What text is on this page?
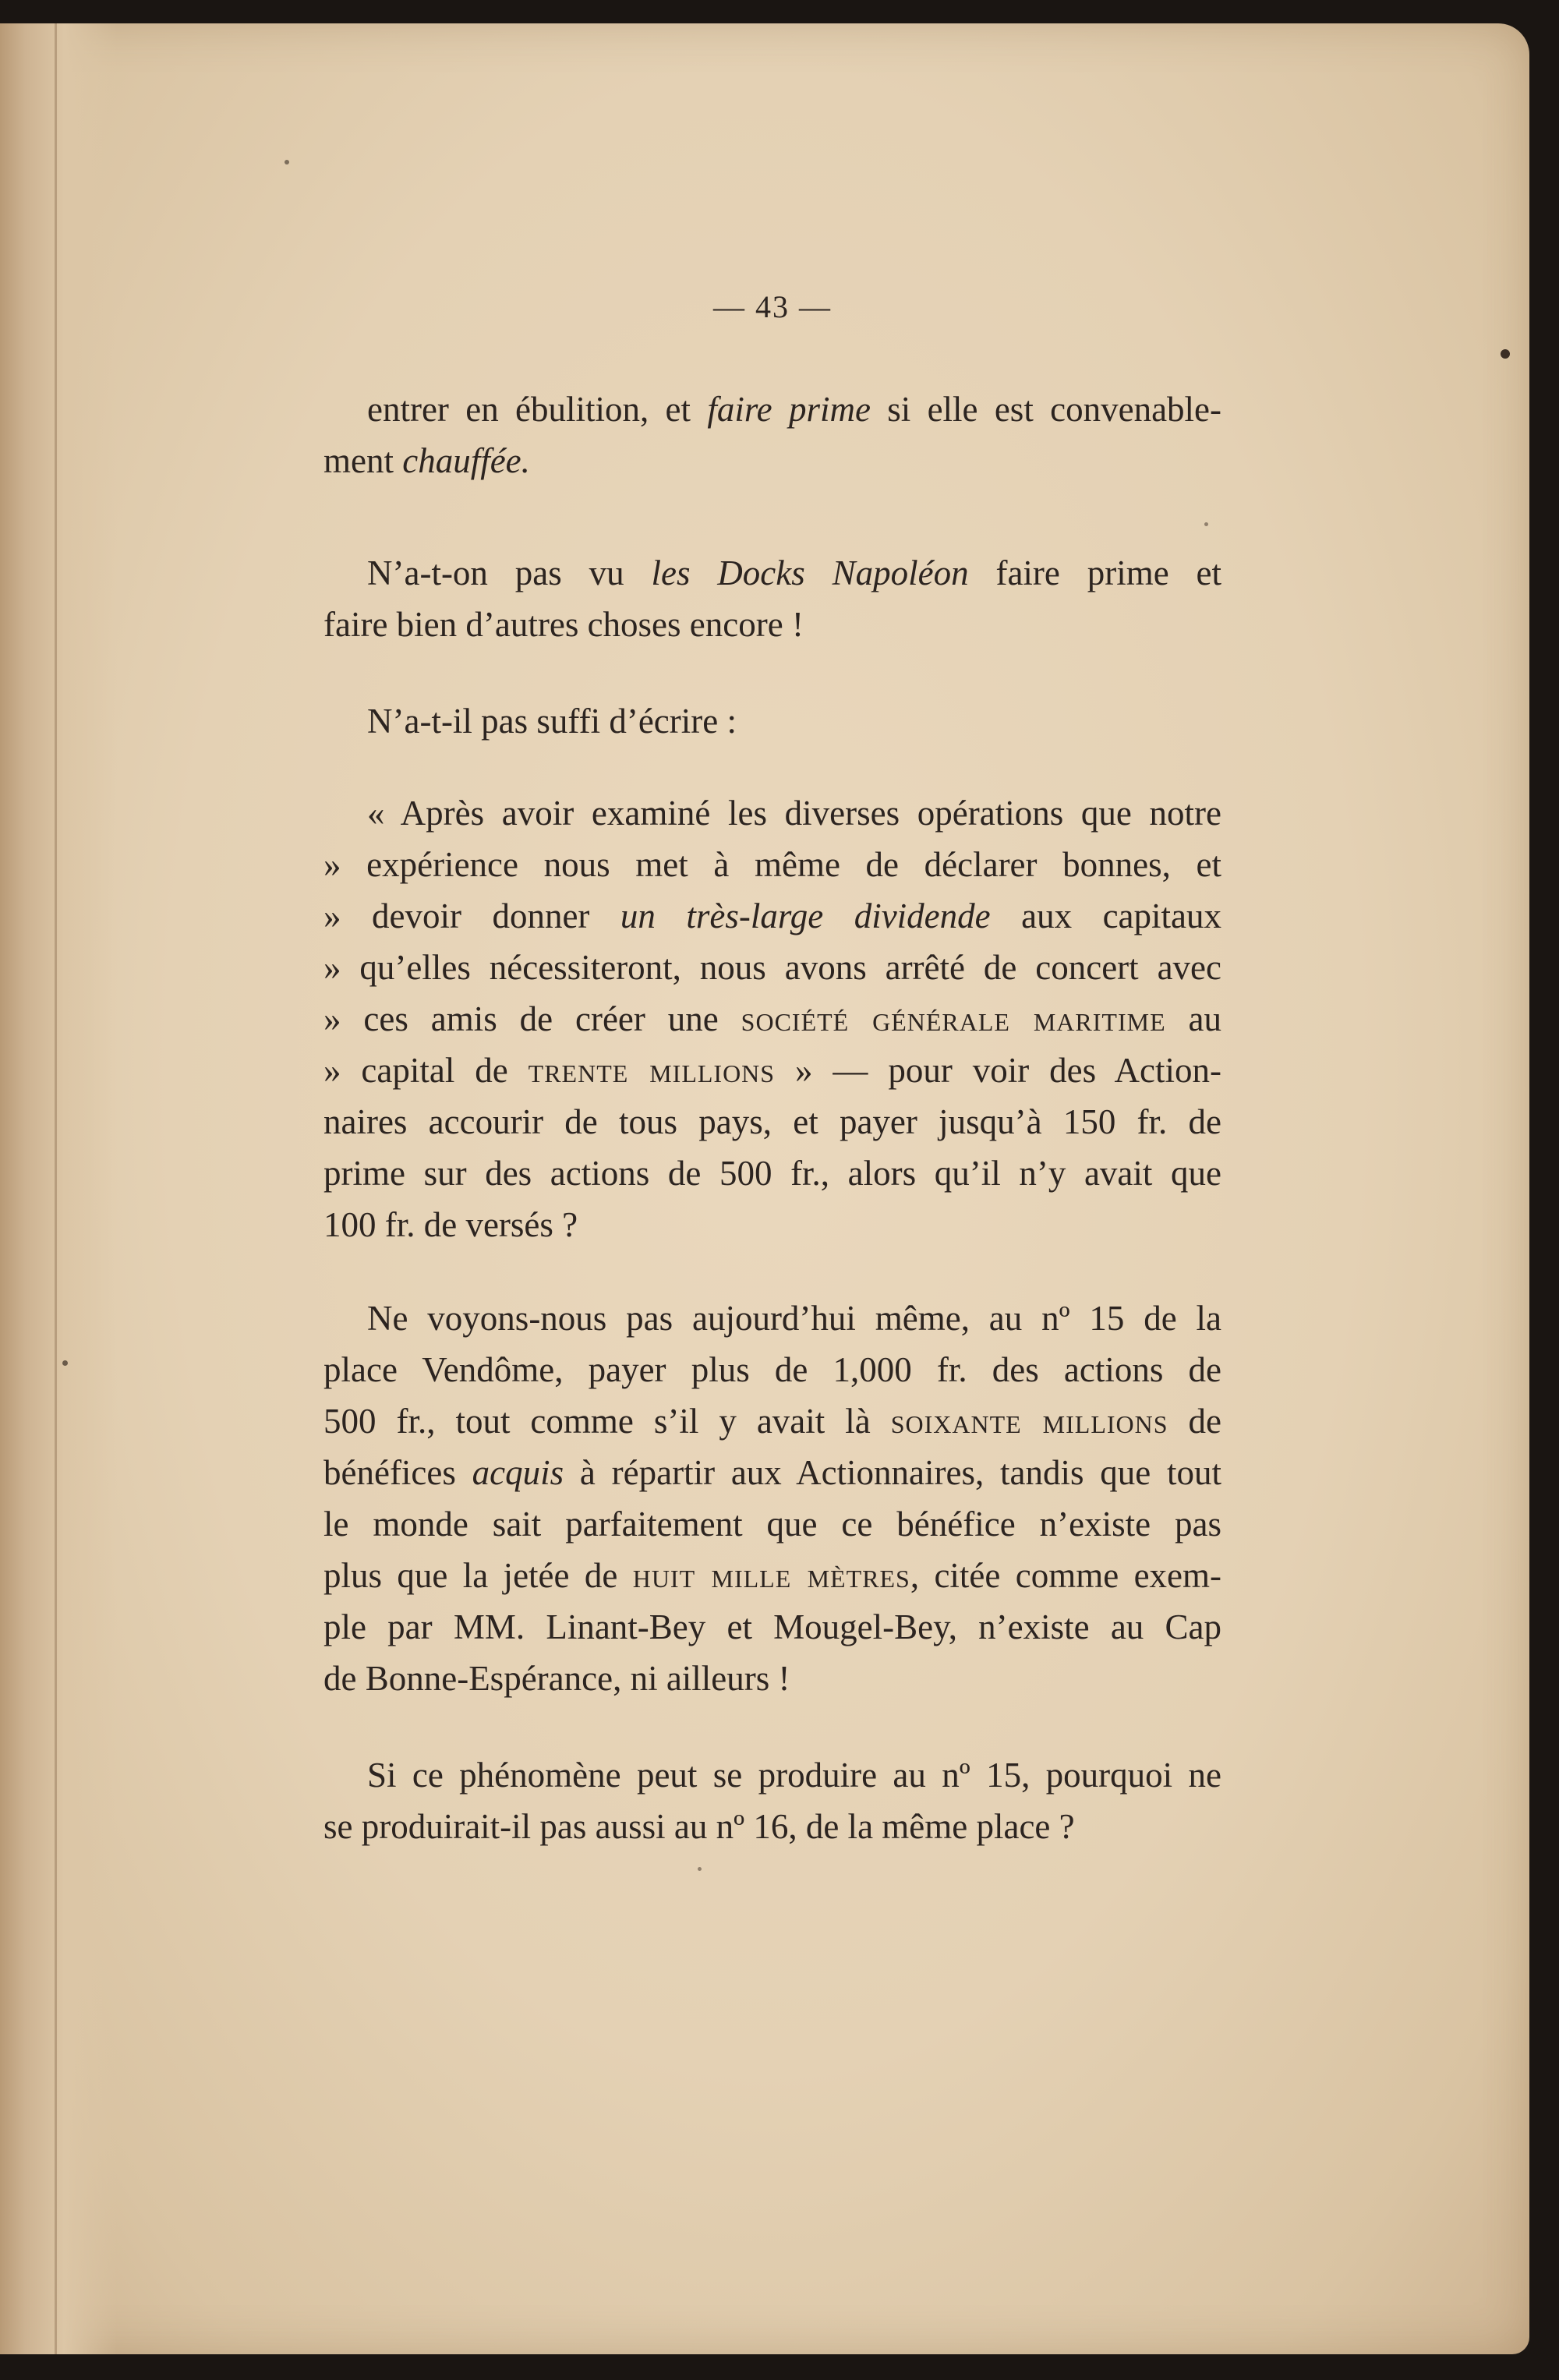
— 43 —
entrer en ébulition, et faire prime si elle est convenable-
ment chauffée.
N’a-t-on pas vu les Docks Napoléon faire prime et
faire bien d’autres choses encore !
N’a-t-il pas suffi d’écrire :
« Après avoir examiné les diverses opérations que notre
» expérience nous met à même de déclarer bonnes, et
» devoir donner un très-large dividende aux capitaux
» qu’elles nécessiteront, nous avons arrêté de concert avec
» ces amis de créer une société générale maritime au
» capital de trente millions » — pour voir des Action-
naires accourir de tous pays, et payer jusqu’à 150 fr. de
prime sur des actions de 500 fr., alors qu’il n’y avait que
100 fr. de versés ?
Ne voyons-nous pas aujourd’hui même, au nº 15 de la
place Vendôme, payer plus de 1,000 fr. des actions de
500 fr., tout comme s’il y avait là soixante millions de
bénéfices acquis à répartir aux Actionnaires, tandis que tout
le monde sait parfaitement que ce bénéfice n’existe pas
plus que la jetée de huit mille mètres, citée comme exem-
ple par MM. Linant-Bey et Mougel-Bey, n’existe au Cap
de Bonne-Espérance, ni ailleurs !
Si ce phénomène peut se produire au nº 15, pourquoi ne
se produirait-il pas aussi au nº 16, de la même place ?
